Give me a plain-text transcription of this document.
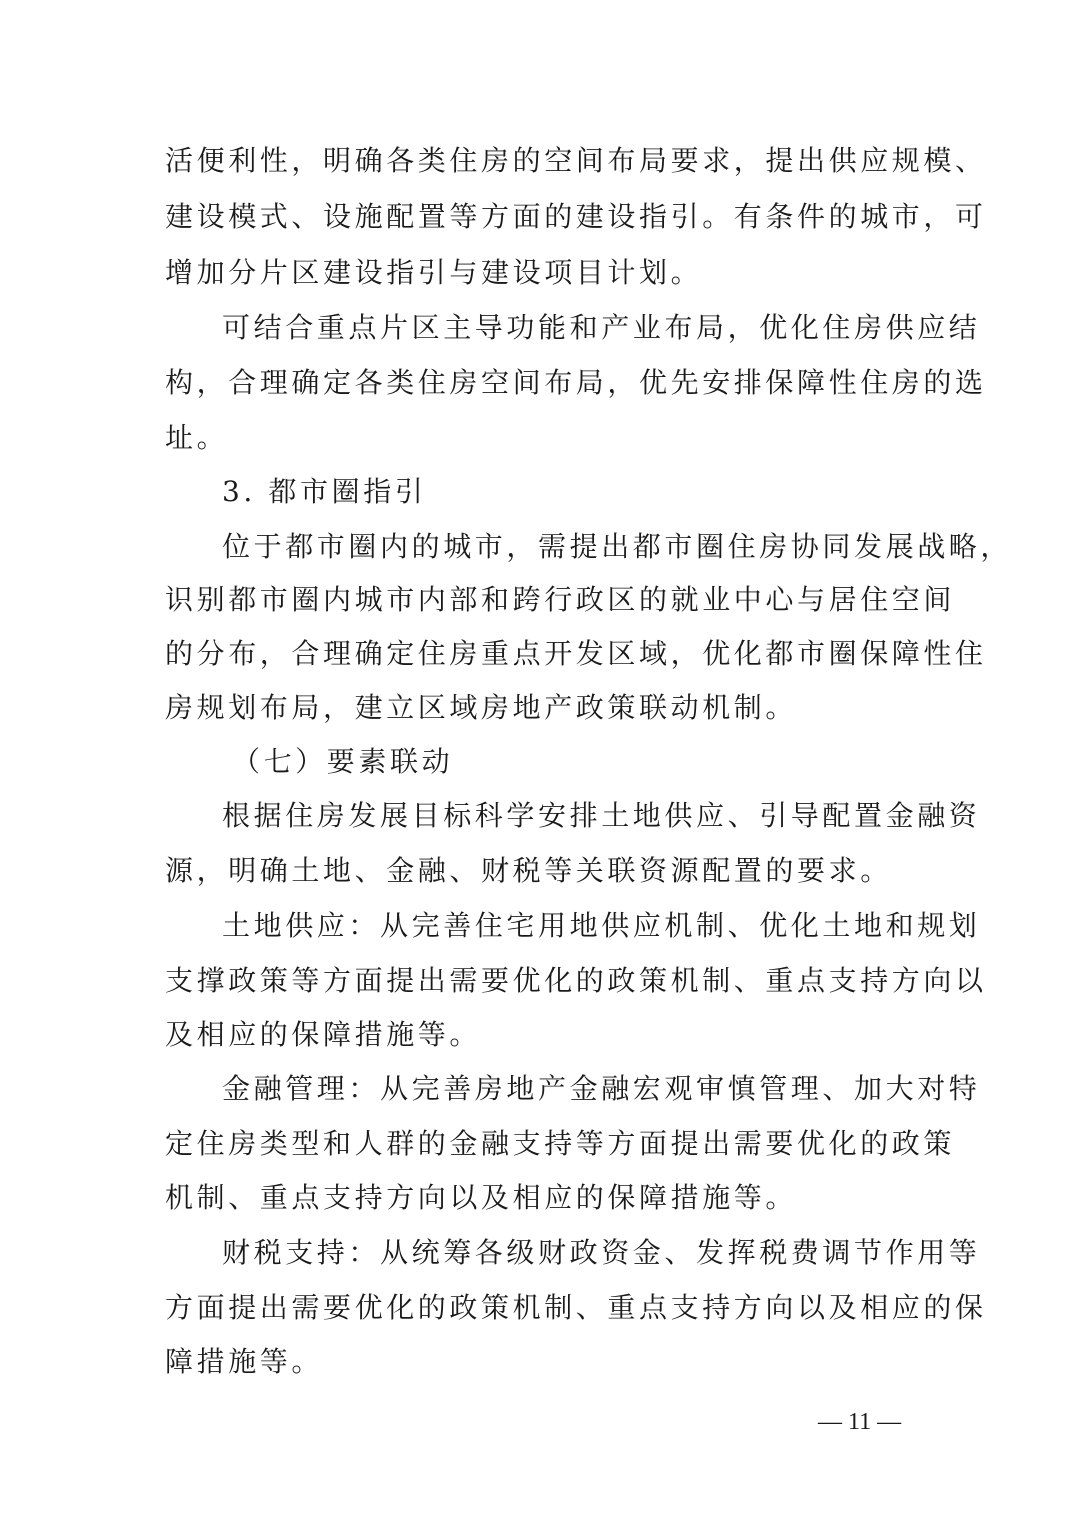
活便利性，明确各类住房的空间布局要求，提出供应规模、
建设模式、设施配置等方面的建设指引。有条件的城市，可
增加分片区建设指引与建设项目计划。
可结合重点片区主导功能和产业布局，优化住房供应结
构，合理确定各类住房空间布局，优先安排保障性住房的选
址。
3. 都市圈指引
位于都市圈内的城市，需提出都市圈住房协同发展战略，
识别都市圈内城市内部和跨行政区的就业中心与居住空间
的分布，合理确定住房重点开发区域，优化都市圈保障性住
房规划布局，建立区域房地产政策联动机制。
（七）要素联动
根据住房发展目标科学安排土地供应、引导配置金融资
源，明确土地、金融、财税等关联资源配置的要求。
土地供应：从完善住宅用地供应机制、优化土地和规划
支撑政策等方面提出需要优化的政策机制、重点支持方向以
及相应的保障措施等。
金融管理：从完善房地产金融宏观审慎管理、加大对特
定住房类型和人群的金融支持等方面提出需要优化的政策
机制、重点支持方向以及相应的保障措施等。
财税支持：从统筹各级财政资金、发挥税费调节作用等
方面提出需要优化的政策机制、重点支持方向以及相应的保
障措施等。
— 11 —
